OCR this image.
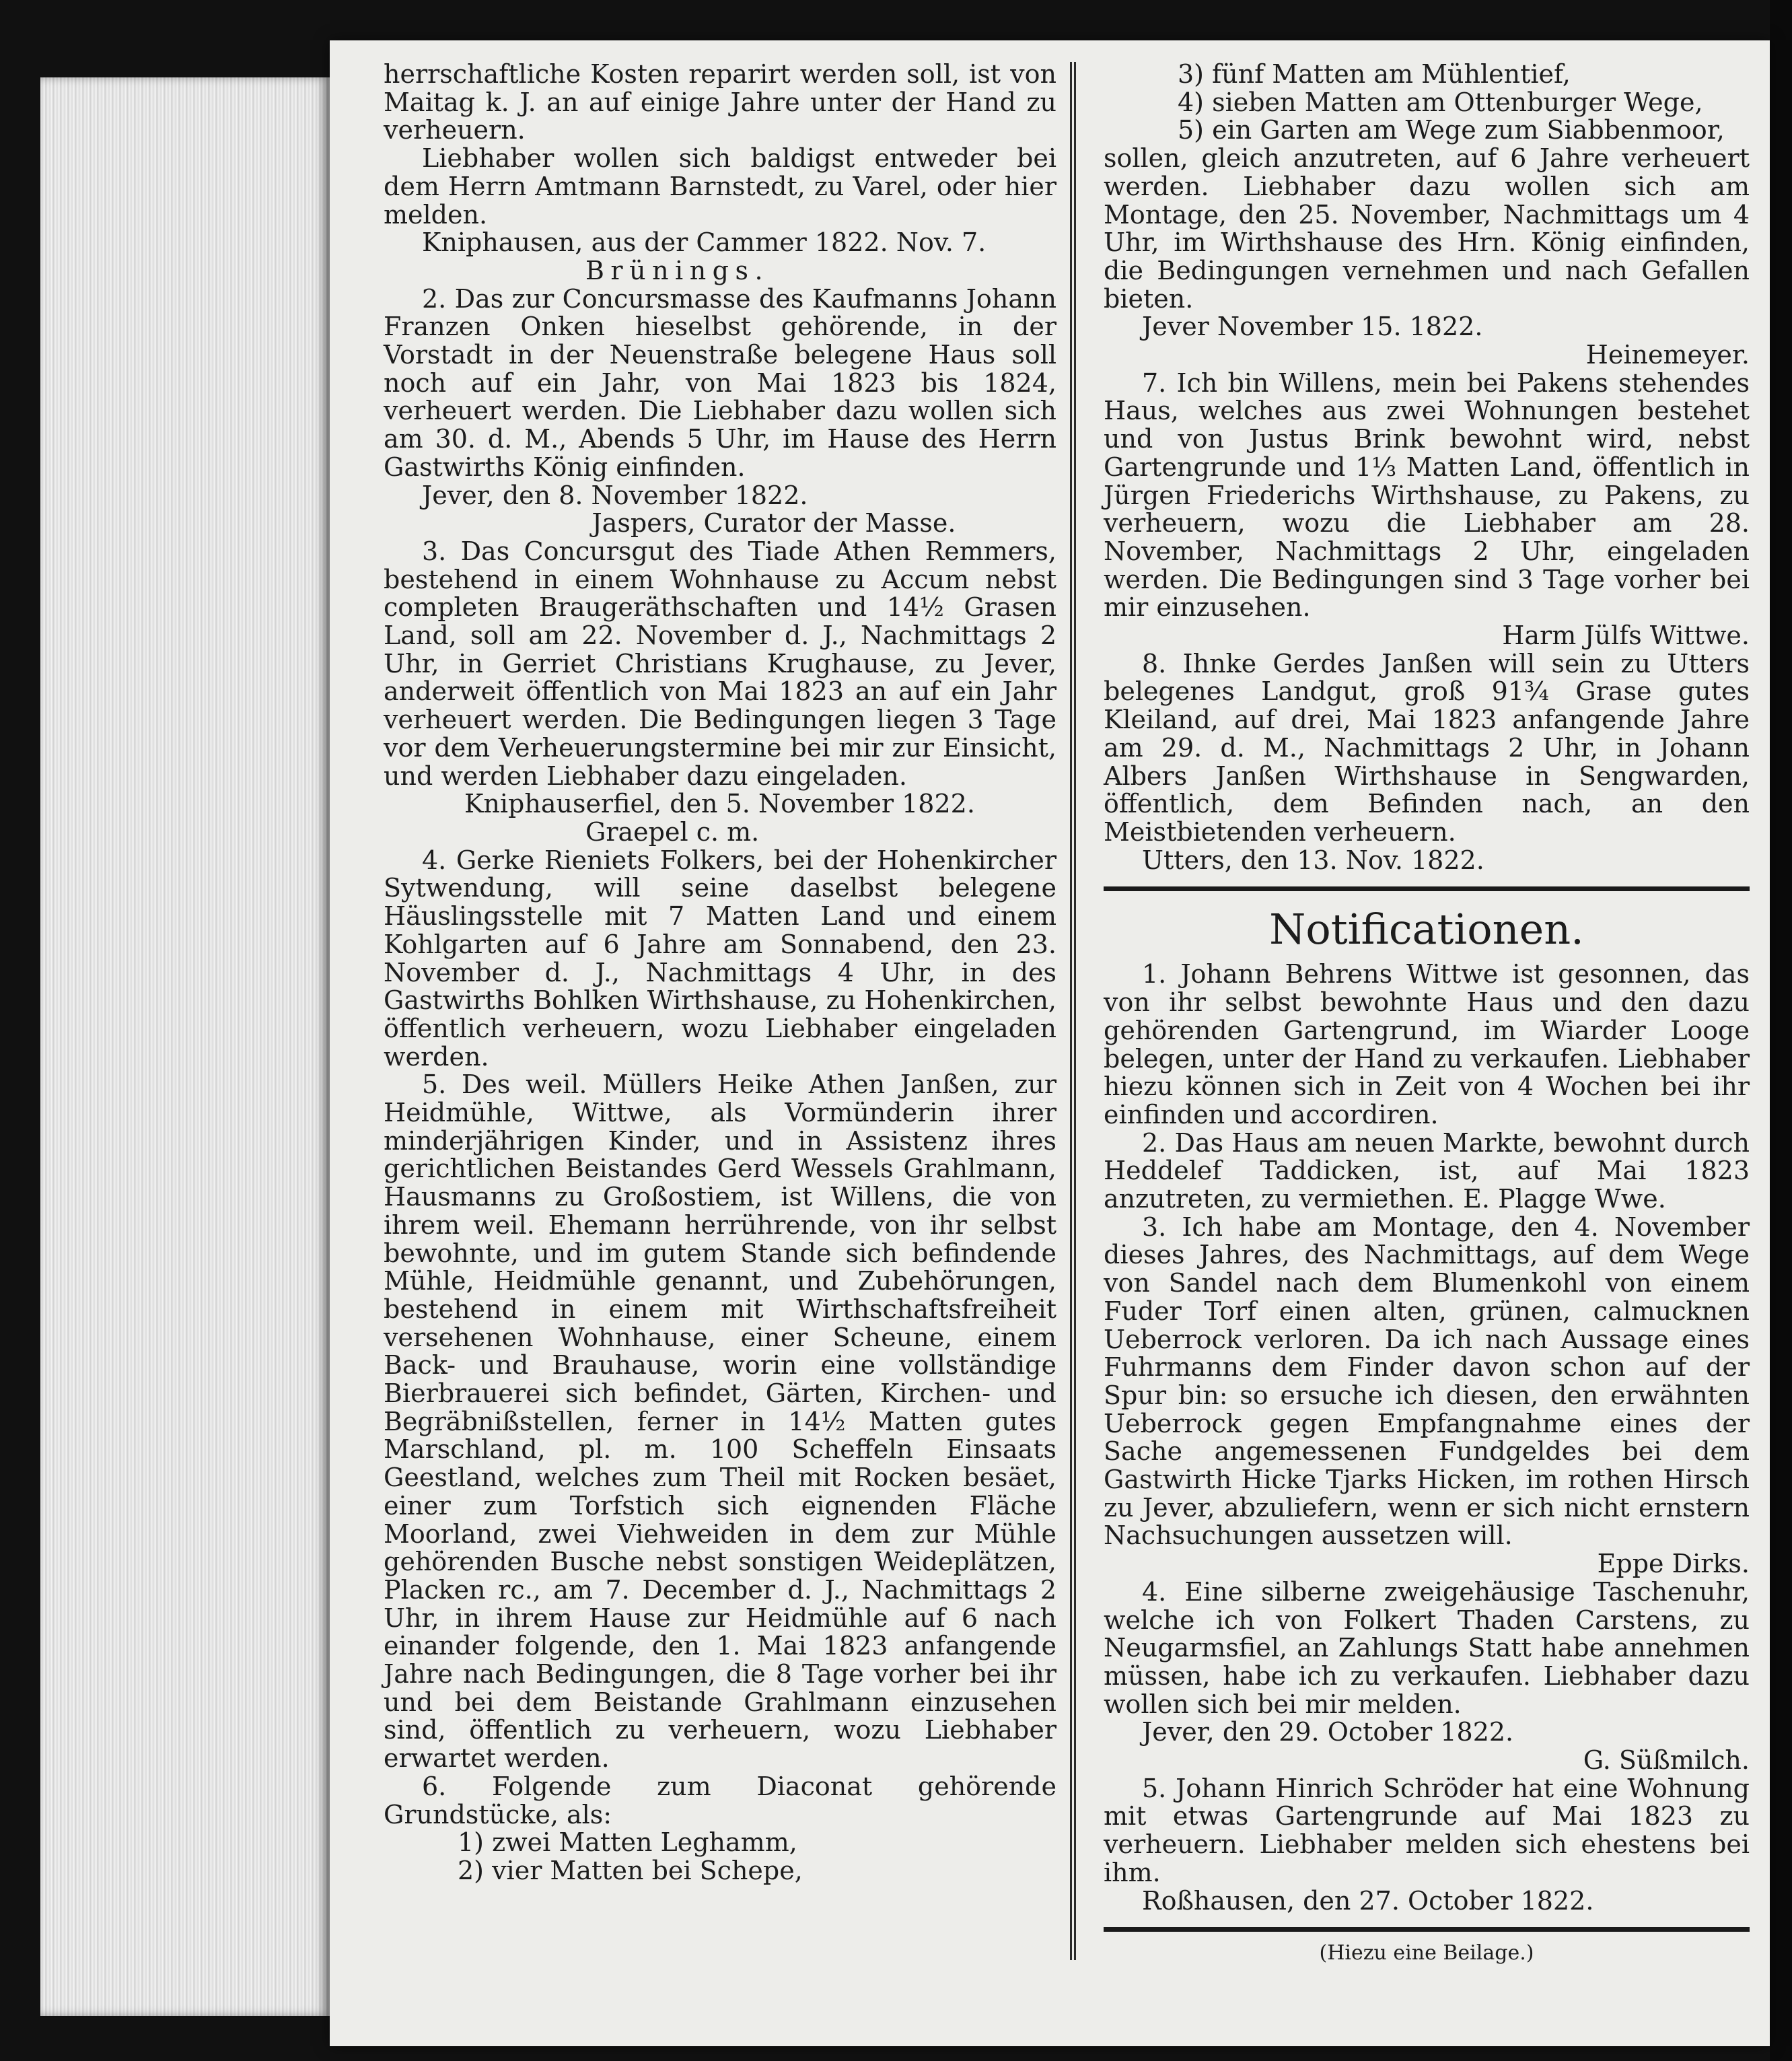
herrschaftliche Kosten reparirt werden soll, ist von Maitag k. J. an auf einige Jahre unter der Hand zu verheuern.

Liebhaber wollen sich baldigst entweder bei dem Herrn Amtmann Barnstedt, zu Varel, oder hier melden.

Kniphausen, aus der Cammer 1822. Nov. 7.

Brünings.

2. Das zur Concursmasse des Kaufmanns Johann Franzen Onken hieselbst gehörende, in der Vorstadt in der Neuenstraße belegene Haus soll noch auf ein Jahr, von Mai 1823 bis 1824, verheuert werden. Die Liebhaber dazu wollen sich am 30. d. M., Abends 5 Uhr, im Hause des Herrn Gastwirths König einfinden.

Jever, den 8. November 1822.

Jaspers, Curator der Masse.

3. Das Concursgut des Tiade Athen Remmers, bestehend in einem Wohnhause zu Accum nebst completen Braugeräthschaften und 14½ Grasen Land, soll am 22. November d. J., Nachmittags 2 Uhr, in Gerriet Christians Krughause, zu Jever, anderweit öffentlich von Mai 1823 an auf ein Jahr verheuert werden. Die Bedingungen liegen 3 Tage vor dem Verheuerungstermine bei mir zur Einsicht, und werden Liebhaber dazu eingeladen.

Kniphauserfiel, den 5. November 1822.

Graepel c. m.

4. Gerke Rieniets Folkers, bei der Hohenkircher Sytwendung, will seine daselbst belegene Häuslingsstelle mit 7 Matten Land und einem Kohlgarten auf 6 Jahre am Sonnabend, den 23. November d. J., Nachmittags 4 Uhr, in des Gastwirths Bohlken Wirthshause, zu Hohenkirchen, öffentlich verheuern, wozu Liebhaber eingeladen werden.

5. Des weil. Müllers Heike Athen Janßen, zur Heidmühle, Wittwe, als Vormünderin ihrer minderjährigen Kinder, und in Assistenz ihres gerichtlichen Beistandes Gerd Wessels Grahlmann, Hausmanns zu Großostiem, ist Willens, die von ihrem weil. Ehemann herrührende, von ihr selbst bewohnte, und im gutem Stande sich befindende Mühle, Heidmühle genannt, und Zubehörungen, bestehend in einem mit Wirthschaftsfreiheit versehenen Wohnhause, einer Scheune, einem Back- und Brauhause, worin eine vollständige Bierbrauerei sich befindet, Gärten, Kirchen- und Begräbnißstellen, ferner in 14½ Matten gutes Marschland, pl. m. 100 Scheffeln Einsaats Geestland, welches zum Theil mit Rocken besäet, einer zum Torfstich sich eignenden Fläche Moorland, zwei Viehweiden in dem zur Mühle gehörenden Busche nebst sonstigen Weideplätzen, Placken rc., am 7. December d. J., Nachmittags 2 Uhr, in ihrem Hause zur Heidmühle auf 6 nach einander folgende, den 1. Mai 1823 anfangende Jahre nach Bedingungen, die 8 Tage vorher bei ihr und bei dem Beistande Grahlmann einzusehen sind, öffentlich zu verheuern, wozu Liebhaber erwartet werden.

6. Folgende zum Diaconat gehörende Grundstücke, als:

1) zwei Matten Leghamm,

2) vier Matten bei Schepe,

3) fünf Matten am Mühlentief,

4) sieben Matten am Ottenburger Wege,

5) ein Garten am Wege zum Siabbenmoor,

sollen, gleich anzutreten, auf 6 Jahre verheuert werden. Liebhaber dazu wollen sich am Montage, den 25. November, Nachmittags um 4 Uhr, im Wirthshause des Hrn. König einfinden, die Bedingungen vernehmen und nach Gefallen bieten.

Jever November 15. 1822.

Heinemeyer.

7. Ich bin Willens, mein bei Pakens stehendes Haus, welches aus zwei Wohnungen bestehet und von Justus Brink bewohnt wird, nebst Gartengrunde und 1⅓ Matten Land, öffentlich in Jürgen Friederichs Wirthshause, zu Pakens, zu verheuern, wozu die Liebhaber am 28. November, Nachmittags 2 Uhr, eingeladen werden. Die Bedingungen sind 3 Tage vorher bei mir einzusehen.

Harm Jülfs Wittwe.

8. Ihnke Gerdes Janßen will sein zu Utters belegenes Landgut, groß 91¾ Grase gutes Kleiland, auf drei, Mai 1823 anfangende Jahre am 29. d. M., Nachmittags 2 Uhr, in Johann Albers Janßen Wirthshause in Sengwarden, öffentlich, dem Befinden nach, an den Meistbietenden verheuern.

Utters, den 13. Nov. 1822.

Notificationen.

1. Johann Behrens Wittwe ist gesonnen, das von ihr selbst bewohnte Haus und den dazu gehörenden Gartengrund, im Wiarder Looge belegen, unter der Hand zu verkaufen. Liebhaber hiezu können sich in Zeit von 4 Wochen bei ihr einfinden und accordiren.

2. Das Haus am neuen Markte, bewohnt durch Heddelef Taddicken, ist, auf Mai 1823 anzutreten, zu vermiethen. E. Plagge Wwe.

3. Ich habe am Montage, den 4. November dieses Jahres, des Nachmittags, auf dem Wege von Sandel nach dem Blumenkohl von einem Fuder Torf einen alten, grünen, calmucknen Ueberrock verloren. Da ich nach Aussage eines Fuhrmanns dem Finder davon schon auf der Spur bin: so ersuche ich diesen, den erwähnten Ueberrock gegen Empfangnahme eines der Sache angemessenen Fundgeldes bei dem Gastwirth Hicke Tjarks Hicken, im rothen Hirsch zu Jever, abzuliefern, wenn er sich nicht ernstern Nachsuchungen aussetzen will.

Eppe Dirks.

4. Eine silberne zweigehäusige Taschenuhr, welche ich von Folkert Thaden Carstens, zu Neugarmsfiel, an Zahlungs Statt habe annehmen müssen, habe ich zu verkaufen. Liebhaber dazu wollen sich bei mir melden.

Jever, den 29. October 1822.

G. Süßmilch.

5. Johann Hinrich Schröder hat eine Wohnung mit etwas Gartengrunde auf Mai 1823 zu verheuern. Liebhaber melden sich ehestens bei ihm.

Roßhausen, den 27. October 1822.

(Hiezu eine Beilage.)
